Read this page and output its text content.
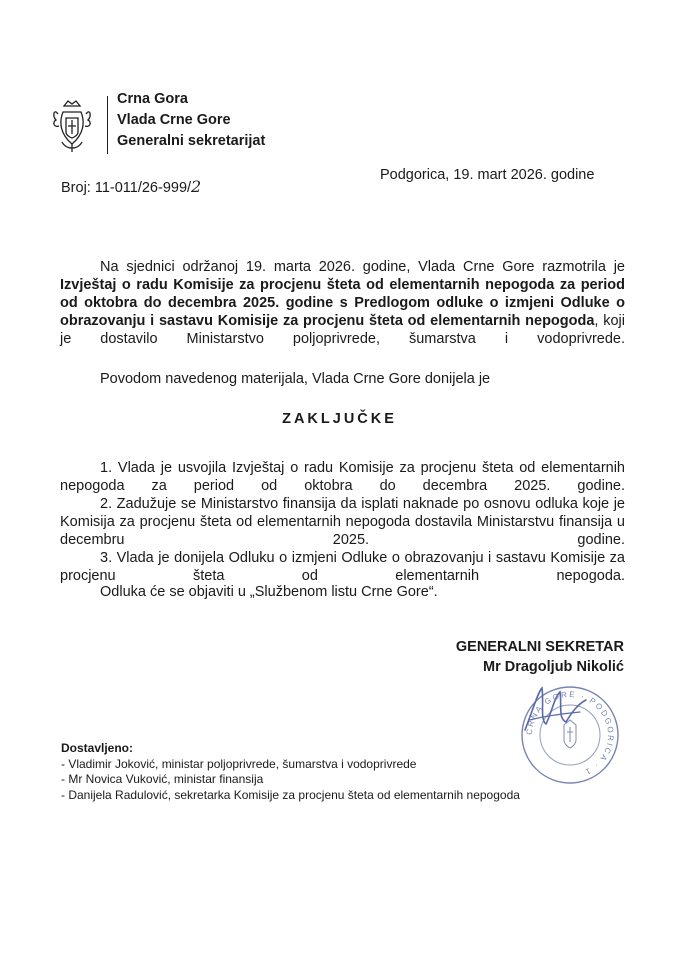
Crna Gora
Vlada Crne Gore
Generalni sekretarijat
Broj: 11-011/26-999/2
Podgorica, 19. mart 2026. godine
Na sjednici održanoj 19. marta 2026. godine, Vlada Crne Gore razmotrila je Izvještaj o radu Komisije za procjenu šteta od elementarnih nepogoda za period od oktobra do decembra 2025. godine s Predlogom odluke o izmjeni Odluke o obrazovanju i sastavu Komisije za procjenu šteta od elementarnih nepogoda, koji je dostavilo Ministarstvo poljoprivrede, šumarstva i vodoprivrede.
Povodom navedenog materijala, Vlada Crne Gore donijela je
ZAKLJUČKE
1. Vlada je usvojila Izvještaj o radu Komisije za procjenu šteta od elementarnih nepogoda za period od oktobra do decembra 2025. godine.
2. Zadužuje se Ministarstvo finansija da isplati naknade po osnovu odluka koje je Komisija za procjenu šteta od elementarnih nepogoda dostavila Ministarstvu finansija u decembru 2025. godine.
3. Vlada je donijela Odluku o izmjeni Odluke o obrazovanju i sastavu Komisije za procjenu šteta od elementarnih nepogoda.
Odluka će se objaviti u „Službenom listu Crne Gore“.
GENERALNI SEKRETAR
Mr Dragoljub Nikolić
CRNA GORE · PODGORICA · 1
Dostavljeno:
- Vladimir Joković, ministar poljoprivrede, šumarstva i vodoprivrede
- Mr Novica Vuković, ministar finansija
- Danijela Radulović, sekretarka Komisije za procjenu šteta od elementarnih nepogoda
